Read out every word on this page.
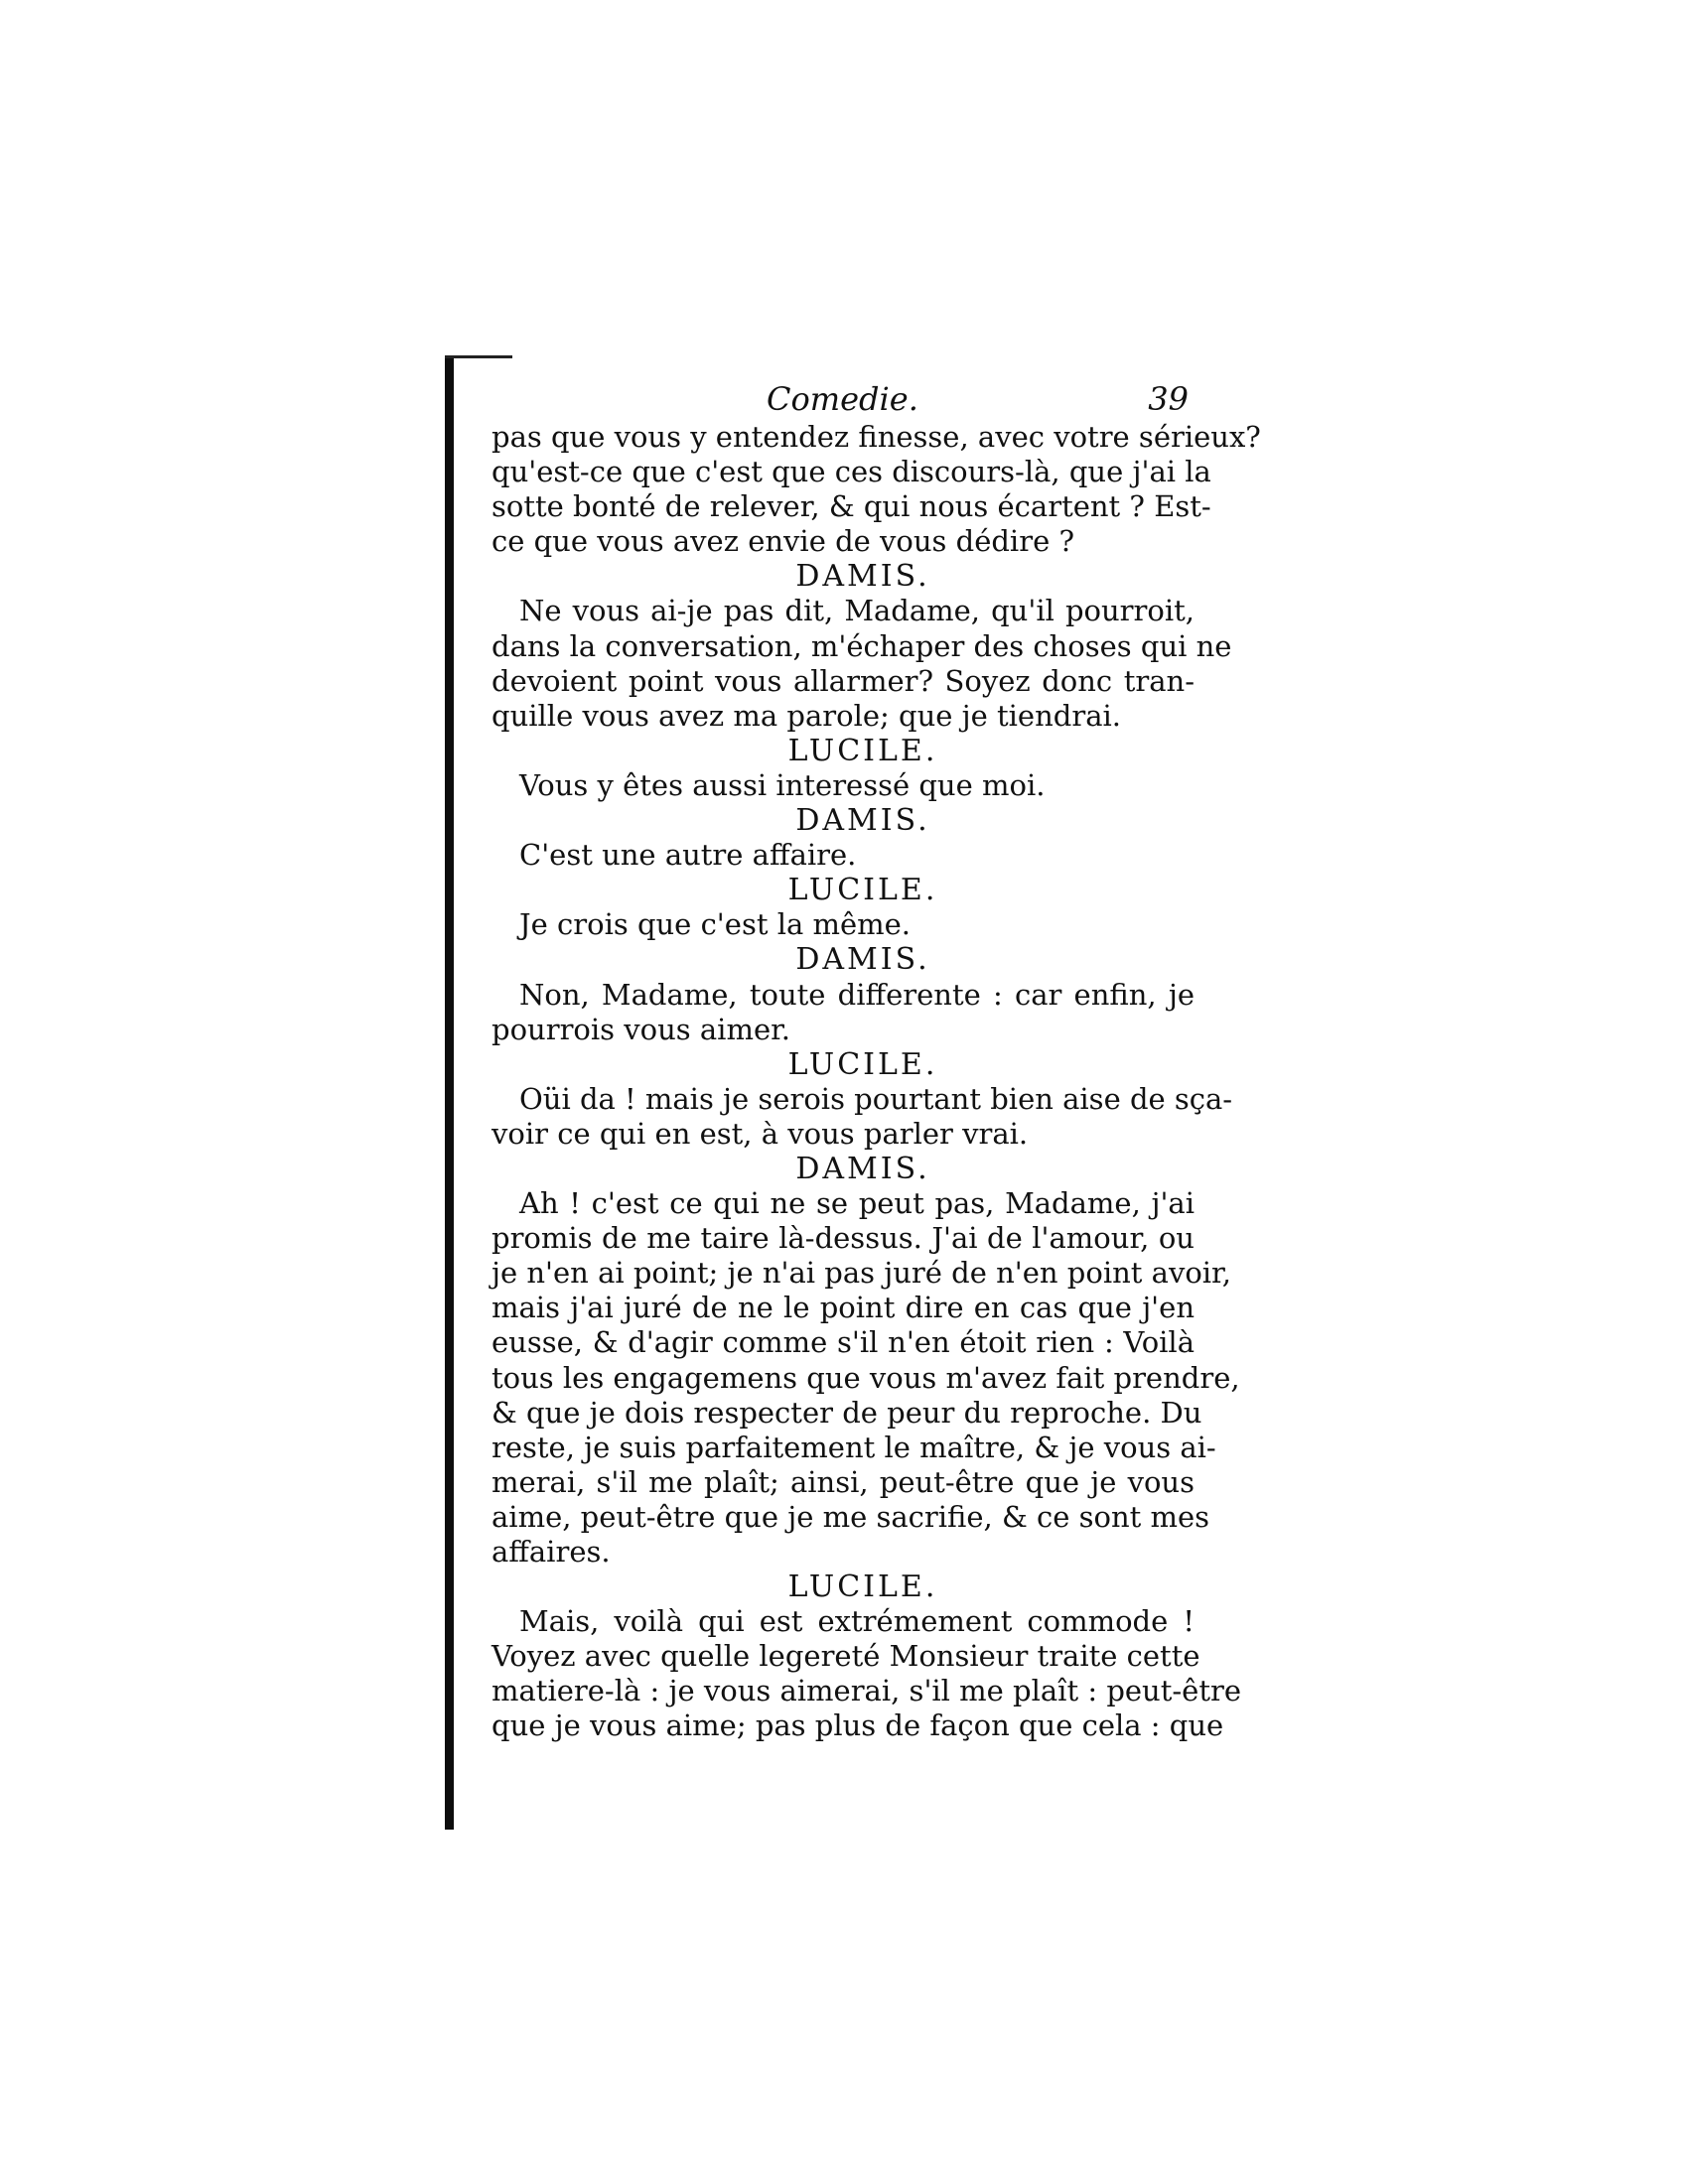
Comedie.	39
pas que vous y entendez finesse, avec votre sérieux?
qu'est-ce que c'est que ces discours-là, que j'ai la
sotte bonté de relever, & qui nous écartent ? Est-
ce que vous avez envie de vous dédire ?
DAMIS.
Ne vous ai-je pas dit, Madame, qu'il pourroit,
dans la conversation, m'échaper des choses qui ne
devoient point vous allarmer? Soyez donc tran-
quille vous avez ma parole; que je tiendrai.
LUCILE.
Vous y êtes aussi interessé que moi.
DAMIS.
C'est une autre affaire.
LUCILE.
Je crois que c'est la même.
DAMIS.
Non, Madame, toute differente : car enfin, je
pourrois vous aimer.
LUCILE.
Oüi da ! mais je serois pourtant bien aise de sça-
voir ce qui en est, à vous parler vrai.
DAMIS.
Ah ! c'est ce qui ne se peut pas, Madame, j'ai
promis de me taire là-dessus. J'ai de l'amour, ou
je n'en ai point; je n'ai pas juré de n'en point avoir,
mais j'ai juré de ne le point dire en cas que j'en
eusse, & d'agir comme s'il n'en étoit rien : Voilà
tous les engagemens que vous m'avez fait prendre,
& que je dois respecter de peur du reproche. Du
reste, je suis parfaitement le maître, & je vous ai-
merai, s'il me plaît; ainsi, peut-être que je vous
aime, peut-être que je me sacrifie, & ce sont mes
affaires.
LUCILE.
Mais, voilà qui est extrémement commode !
Voyez avec quelle legereté Monsieur traite cette
matiere-là : je vous aimerai, s'il me plaît : peut-être
que je vous aime; pas plus de façon que cela : que
